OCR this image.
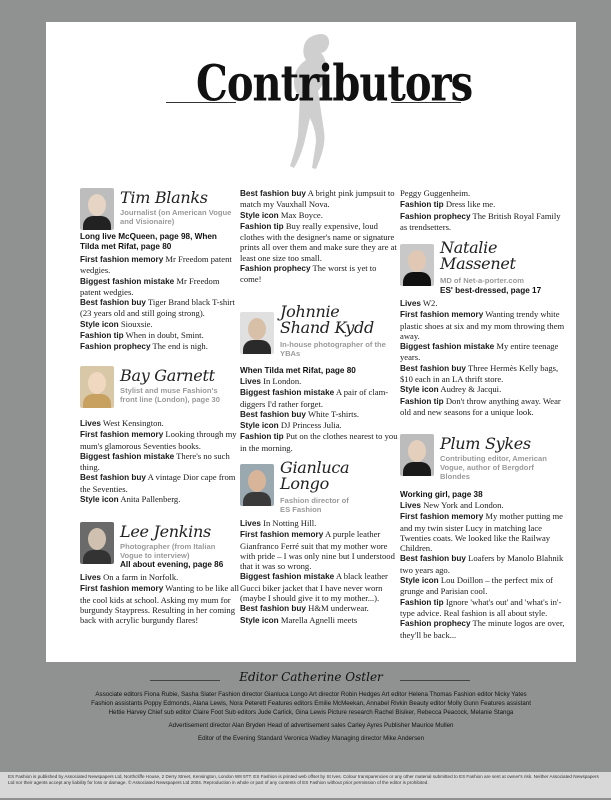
Contributors
Tim Blanks
Journalist (on American Vogue and Visionaire)
Long live McQueen, page 98, When Tilda met Rifat, page 80

First fashion memory Mr Freedom patent wedgies.

Biggest fashion mistake Mr Freedom patent wedgies.

Best fashion buy Tiger Brand black T-shirt (23 years old and still going strong).

Style icon Siouxsie.

Fashion tip When in doubt, Smint.

Fashion prophecy The end is nigh.

Bay Garnett
Stylist and muse Fashion's front line (London), page 30

Lives West Kensington.

First fashion memory Looking through my mum's glamorous Seventies books.

Biggest fashion mistake There's no such thing.

Best fashion buy A vintage Dior cape from the Seventies.

Style icon Anita Pallenberg.

Lee Jenkins
Photographer (from Italian Vogue to interview)
All about evening, page 86

Lives On a farm in Norfolk.

First fashion memory Wanting to be like all the cool kids at school. Asking my mum for burgundy Staypress. Resulting in her coming back with acrylic burgundy flares!

Best fashion buy A bright pink jumpsuit to match my Vauxhall Nova.

Style icon Max Boyce.

Fashion tip Buy really expensive, loud clothes with the designer's name or signature prints all over them and make sure they are at least one size too small.

Fashion prophecy The worst is yet to come!

Johnnie Shand Kydd
In-house photographer of the YBAs
When Tilda met Rifat, page 80

Lives In London.

Biggest fashion mistake A pair of clam-diggers I'd rather forget.

Best fashion buy White T-shirts.

Style icon DJ Princess Julia.

Fashion tip Put on the clothes nearest to you in the morning.

Gianluca Longo
Fashion director of ES Fashion

Lives In Notting Hill.

First fashion memory A purple leather Gianfranco Ferré suit that my mother wore with pride – I was only nine but I understood that it was so wrong.

Biggest fashion mistake A black leather Gucci biker jacket that I have never worn (maybe I should give it to my mother...).

Best fashion buy H&M underwear.

Style icon Marella Agnelli meets

Peggy Guggenheim.

Fashion tip Dress like me.

Fashion prophecy The British Royal Family as trendsetters.

Natalie Massenet
MD of Net-a-porter.com
ES' best-dressed, page 17

Lives W2.

First fashion memory Wanting trendy white plastic shoes at six and my mom throwing them away.

Biggest fashion mistake My entire teenage years.

Best fashion buy Three Hermès Kelly bags, $10 each in an LA thrift store.

Style icon Audrey & Jacqui.

Fashion tip Don't throw anything away. Wear old and new seasons for a unique look.

Plum Sykes
Contributing editor, American Vogue, author of Bergdorf Blondes
Working girl, page 38

Lives New York and London.

First fashion memory My mother putting me and my twin sister Lucy in matching lace Twenties coats. We looked like the Railway Children.

Best fashion buy Loafers by Manolo Blahnik two years ago.

Style icon Lou Doillon – the perfect mix of grunge and Parisian cool.

Fashion tip Ignore 'what's out' and 'what's in'-type advice. Real fashion is all about style.

Fashion prophecy The minute logos are over, they'll be back...

Editor Catherine Ostler
Associate editors Fiona Rubie, Sasha Slater Fashion director Gianluca Longo Art director Robin Hedges Art editor Helena Thomas Fashion editor Nicky Yates
Fashion assistants Poppy Edmonds, Alana Lewis, Nora Peterett Features editors Emilie McMeekan, Annabel Rivkin Beauty editor Molly Gunn Features assistant
Hettie Harvey Chief sub editor Claire Foot Sub editors Jude Carlick, Gina Lewis Picture research Rachel Bisiker, Rebecca Peacock, Melanie Stanga
Advertisement director Alan Bryden Head of advertisement sales Carley Ayres Publisher Maurice Mullen
Editor of the Evening Standard Veronica Wadley Managing director Mike Andersen
ES Fashion is published by Associated Newspapers Ltd, Northcliffe House, 2 Derry Street, Kensington, London W8 5TT. ES Fashion is printed web offset by St Ives. Colour transparencies or any other material submitted to ES Fashion are sent at owner's risk. Neither Associated Newspapers Ltd nor their agents accept any liability for loss or damage. © Associated Newspapers Ltd 2004. Reproduction in whole or part of any contents of ES Fashion without prior permission of the editor is prohibited.
